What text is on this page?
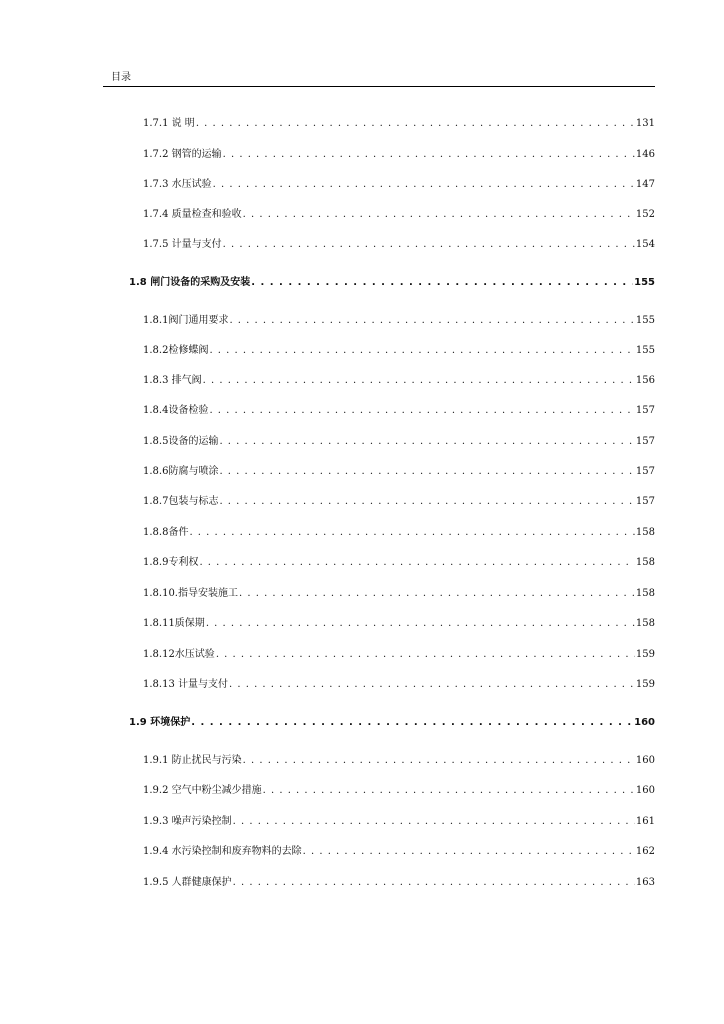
目录
1.7.1 说 明 . . .	131
1.7.2 钢管的运输 . . .	146
1.7.3 水压试验 . . .	147
1.7.4 质量检查和验收 . . .	152
1.7.5 计量与支付 . . .	154
1.8 闸门设备的采购及安装 . . .	155
1.8.1阀门通用要求 . . .	155
1.8.2检修蝶阀 . . .	155
1.8.3 排气阀 . . .	156
1.8.4设备检验 . . .	157
1.8.5设备的运输 . . .	157
1.8.6防腐与喷涂 . . .	157
1.8.7包装与标志 . . .	157
1.8.8备件 . . .	158
1.8.9专利权 . . .	158
1.8.10.指导安装施工 . . .	158
1.8.11质保期 . . .	158
1.8.12水压试验 . . .	159
1.8.13 计量与支付 . . .	159
1.9 环境保护 . . .	160
1.9.1 防止扰民与污染 . . .	160
1.9.2 空气中粉尘减少措施 . . .	160
1.9.3 噪声污染控制 . . .	161
1.9.4 水污染控制和废弃物料的去除 . . .	162
1.9.5 人群健康保护 . . .	163
